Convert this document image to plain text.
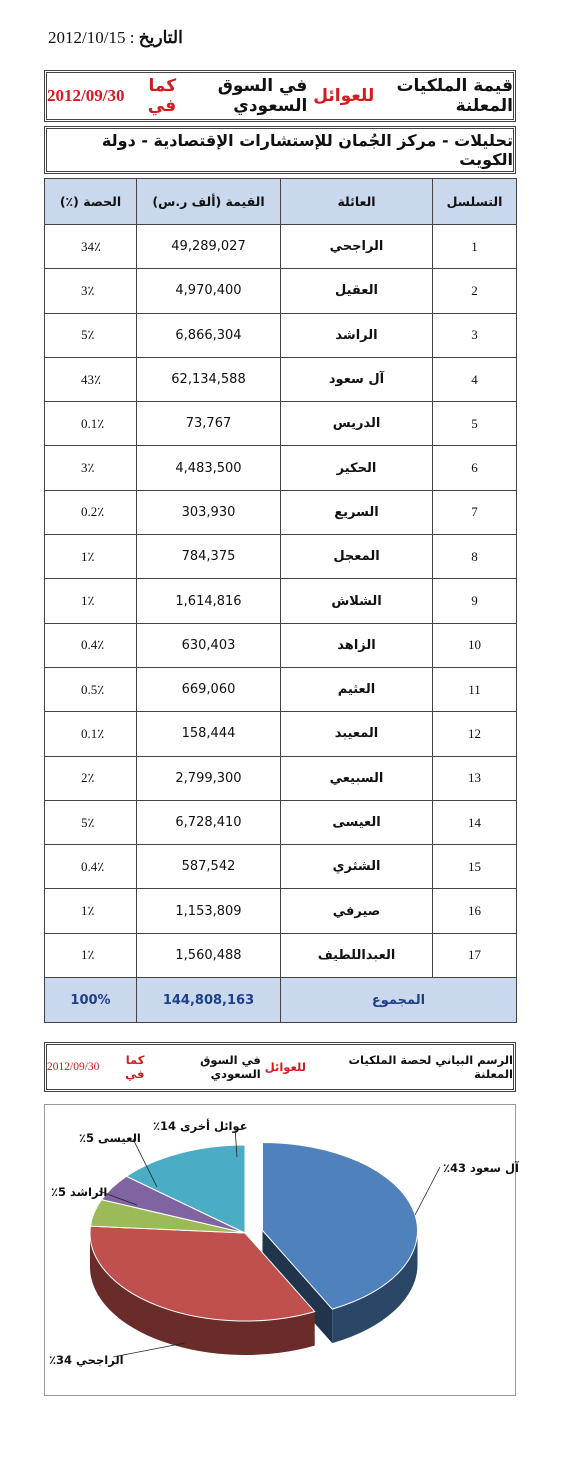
التاريخ : 2012/10/15
قيمة الملكيات المعلنة

للعوائل

في السوق السعودي

كما في

2012/09/30
تحليلات - مركز الجُمان للإستشارات الإقتصادية - دولة الكويت
التسلسل	العائلة	القيمة (ألف ر.س)	الحصة (٪)
1	الراجحي	49,289,027	34٪
2	العقيل	4,970,400	3٪
3	الراشد	6,866,304	5٪
4	آل سعود	62,134,588	43٪
5	الدريس	73,767	0.1٪
6	الحكير	4,483,500	3٪
7	السريع	303,930	0.2٪
8	المعجل	784,375	1٪
9	الشلاش	1,614,816	1٪
10	الزاهد	630,403	0.4٪
11	العثيم	669,060	0.5٪
12	المعيبد	158,444	0.1٪
13	السبيعي	2,799,300	2٪
14	العيسى	6,728,410	5٪
15	الشثري	587,542	0.4٪
16	صيرفي	1,153,809	1٪
17	العبداللطيف	1,560,488	1٪
المجموع		144,808,163	100%
الرسم البياني لحصة الملكيات المعلنة

للعوائل

في السوق السعودي

كما في

2012/09/30
آل سعود 43٪
الراجحي 34٪
الراشد 5٪
العيسى 5٪
عوائل أخرى 14٪
